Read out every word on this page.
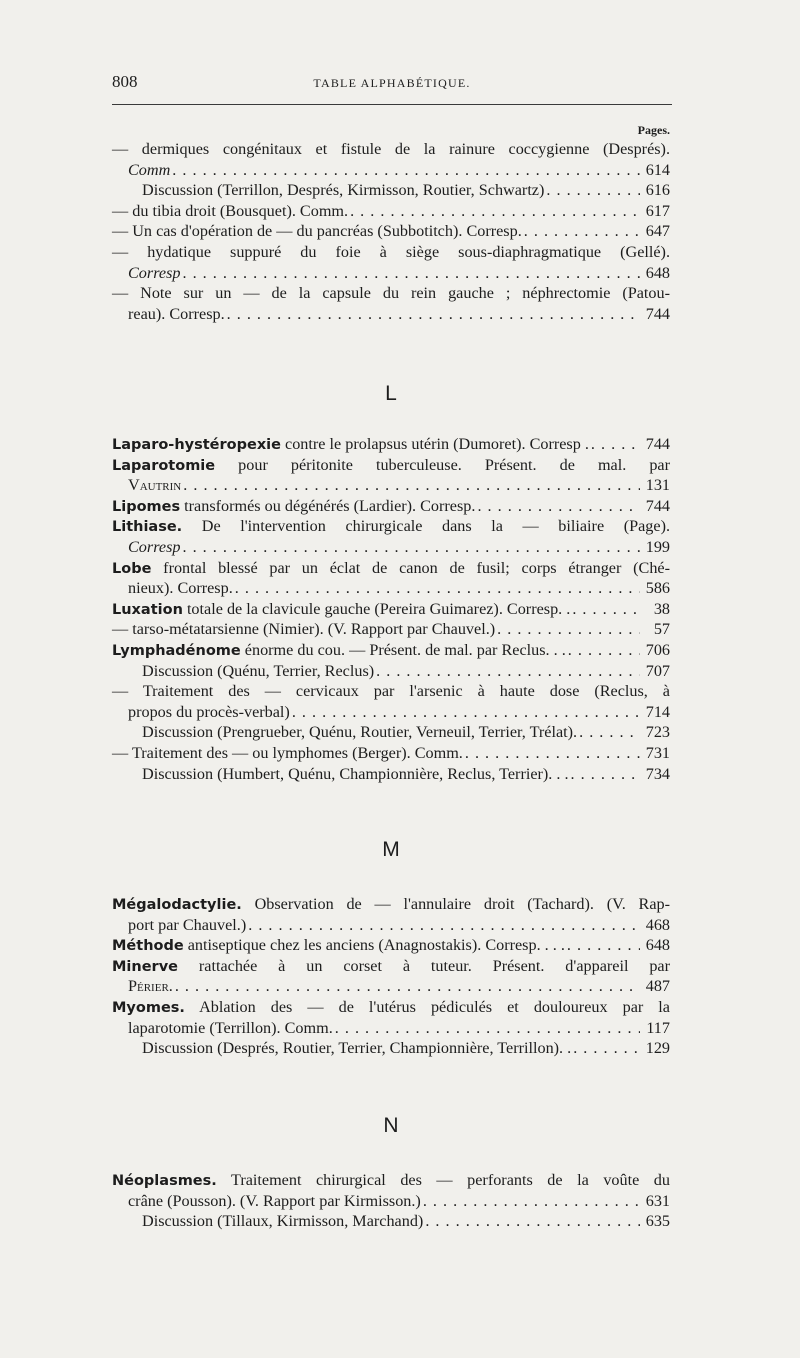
808	TABLE ALPHABÉTIQUE.
Pages.
— dermiques congénitaux et fistule de la rainure coccygienne (Després).
Comm . . .	614
Discussion (Terrillon, Després, Kirmisson, Routier, Schwartz) . . .	616
— du tibia droit (Bousquet). Comm. . . .	617
— Un cas d'opération de — du pancréas (Subbotitch). Corresp. . . .	647
— hydatique suppuré du foie à siège sous-diaphragmatique (Gellé).
Corresp . . .	648
— Note sur un — de la capsule du rein gauche ; néphrectomie (Patou-
reau). Corresp. . . .	744
L
Laparo-hystéropexie contre le prolapsus utérin (Dumoret). Corresp . . . .	744
Laparotomie pour péritonite tuberculeuse. Présent. de mal. par
Vautrin . . .	131
Lipomes transformés ou dégénérés (Lardier). Corresp. . . .	744
Lithiase. De l'intervention chirurgicale dans la — biliaire (Page).
Corresp . . .	199
Lobe frontal blessé par un éclat de canon de fusil; corps étranger (Ché-
nieux). Corresp. . . .	586
Luxation totale de la clavicule gauche (Pereira Guimarez). Corresp. . . . .	38
— tarso-métatarsienne (Nimier). (V. Rapport par Chauvel.) . . .	57
Lymphadénome énorme du cou. — Présent. de mal. par Reclus. . . . . .	706
Discussion (Quénu, Terrier, Reclus) . . .	707
— Traitement des — cervicaux par l'arsenic à haute dose (Reclus, à
propos du procès-verbal) . . .	714
Discussion (Prengrueber, Quénu, Routier, Verneuil, Terrier, Trélat). . . .	723
— Traitement des — ou lymphomes (Berger). Comm. . . .	731
Discussion (Humbert, Quénu, Championnière, Reclus, Terrier). . . . . .	734
M
Mégalodactylie. Observation de — l'annulaire droit (Tachard). (V. Rap-
port par Chauvel.) . . .	468
Méthode antiseptique chez les anciens (Anagnostakis). Corresp. . . . . . .	648
Minerve rattachée à un corset à tuteur. Présent. d'appareil par
Périer. . . .	487
Myomes. Ablation des — de l'utérus pédiculés et douloureux par la
laparotomie (Terrillon). Comm. . . .	117
Discussion (Després, Routier, Terrier, Championnière, Terrillon). . . . .	129
N
Néoplasmes. Traitement chirurgical des — perforants de la voûte du
crâne (Pousson). (V. Rapport par Kirmisson.) . . .	631
Discussion (Tillaux, Kirmisson, Marchand) . . .	635
